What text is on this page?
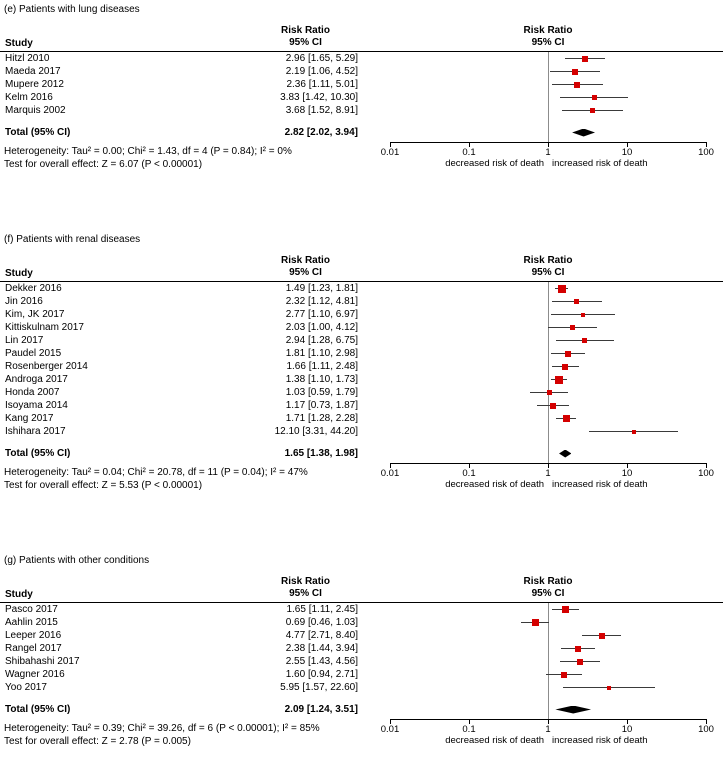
(e) Patients with lung diseases
Study
Risk Ratio
95% CI
Risk Ratio
95% CI
Hitzl 2010	2.96 [1.65, 5.29]
Maeda 2017	2.19 [1.06, 4.52]
Mupere 2012	2.36 [1.11, 5.01]
Kelm 2016	3.83 [1.42, 10.30]
Marquis 2002	3.68 [1.52, 8.91]
Total (95% CI)	2.82 [2.02, 3.94]
Heterogeneity: Tau² = 0.00; Chi² = 1.43, df = 4 (P = 0.84); I² = 0%
Test for overall effect: Z = 6.07 (P < 0.00001)
0.01	0.1	1	10	100
decreased risk of death increased risk of death
(f) Patients with renal diseases
Study
Risk Ratio
95% CI
Risk Ratio
95% CI
Dekker 2016	1.49 [1.23, 1.81]
Jin 2016	2.32 [1.12, 4.81]
Kim, JK 2017	2.77 [1.10, 6.97]
Kittiskulnam 2017	2.03 [1.00, 4.12]
Lin 2017	2.94 [1.28, 6.75]
Paudel 2015	1.81 [1.10, 2.98]
Rosenberger 2014	1.66 [1.11, 2.48]
Androga 2017	1.38 [1.10, 1.73]
Honda 2007	1.03 [0.59, 1.79]
Isoyama 2014	1.17 [0.73, 1.87]
Kang 2017	1.71 [1.28, 2.28]
Ishihara 2017	12.10 [3.31, 44.20]
Total (95% CI)	1.65 [1.38, 1.98]
Heterogeneity: Tau² = 0.04; Chi² = 20.78, df = 11 (P = 0.04); I² = 47%
Test for overall effect: Z = 5.53 (P < 0.00001)
0.01	0.1	1	10	100
decreased risk of death increased risk of death
(g) Patients with other conditions
Study
Risk Ratio
95% CI
Risk Ratio
95% CI
Pasco 2017	1.65 [1.11, 2.45]
Aahlin 2015	0.69 [0.46, 1.03]
Leeper 2016	4.77 [2.71, 8.40]
Rangel 2017	2.38 [1.44, 3.94]
Shibahashi 2017	2.55 [1.43, 4.56]
Wagner 2016	1.60 [0.94, 2.71]
Yoo 2017	5.95 [1.57, 22.60]
Total (95% CI)	2.09 [1.24, 3.51]
Heterogeneity: Tau² = 0.39; Chi² = 39.26, df = 6 (P < 0.00001); I² = 85%
Test for overall effect: Z = 2.78 (P = 0.005)
0.01	0.1	1	10	100
decreased risk of death increased risk of death
